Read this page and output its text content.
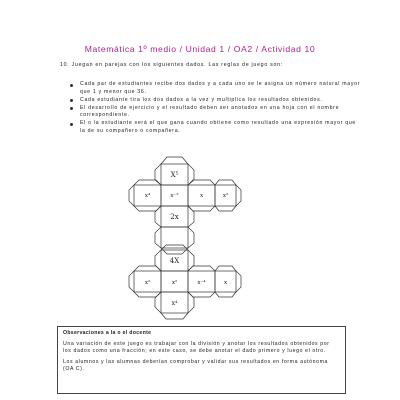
Matemática 1º medio / Unidad 1 / OA2 / Actividad 10
10. Juegan en parejas con los siguientes dados. Las reglas de juego son:
Cada par de estudiantes recibe dos dados y a cada uno se le asigna un número natural mayor que 1 y menor que 36.
Cada estudiante tira los dos dados a la vez y multiplica los resultados obtenidos.
El desarrollo de ejercicio y el resultado deben ser anotados en una hoja con el nombre correspondiente.
El o la estudiante será el que gana cuando obtiene como resultado una expresión mayor que la de su compañero o compañera.
X⁵
x⁴	x⁻²	x	x²
2x
4X
x²	x²	x⁻⁴	x
x⁴
Observaciones a la o el docente

Una variación de este juego es trabajar con la división y anotar los resultados obtenidos por los dados como una fracción; en este caso, se debe anotar el dado primero y luego el otro.

Los alumnos y las alumnas deberían comprobar y validar sus resultados en forma autónoma (OA C).
